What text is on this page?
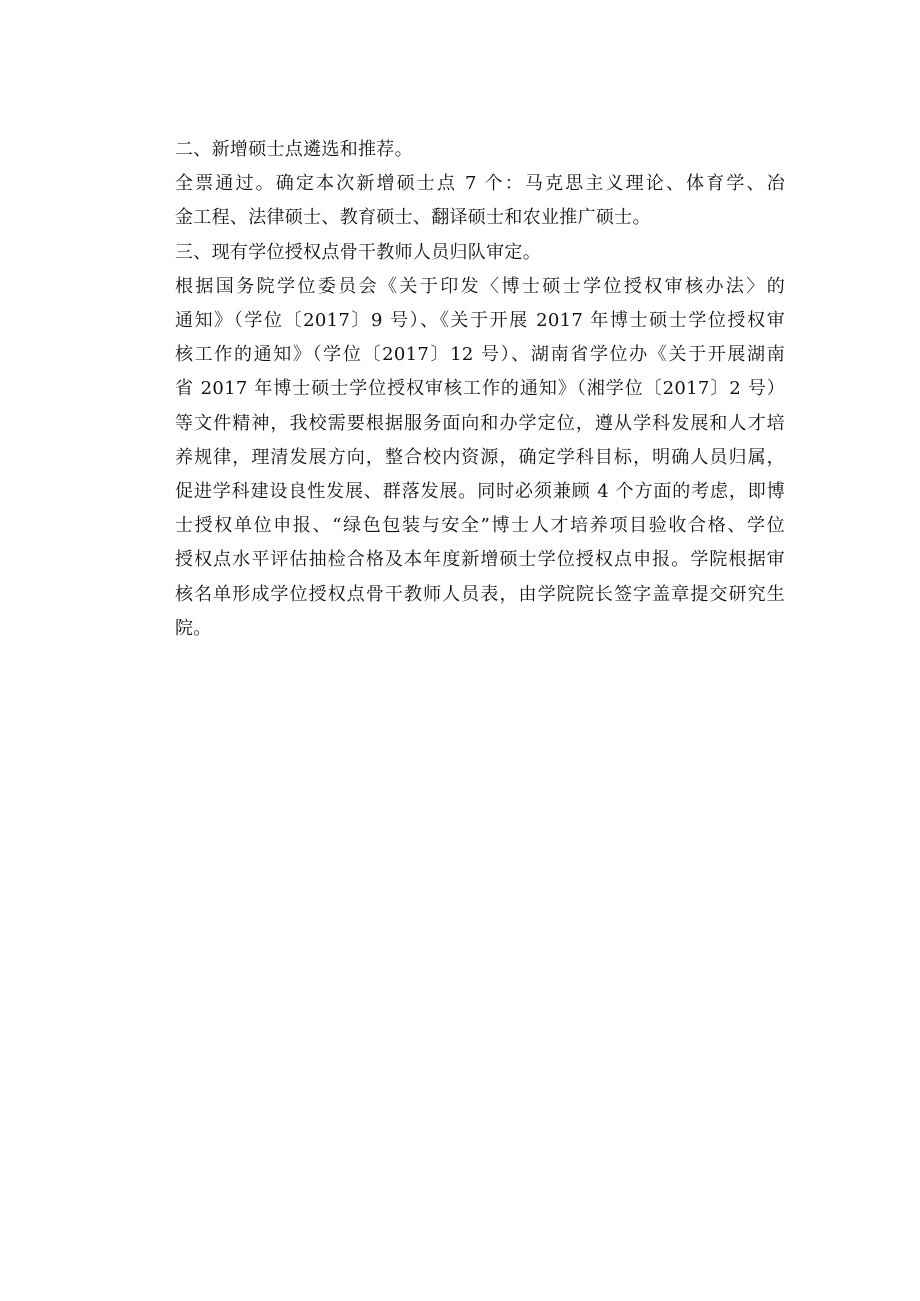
二、新增硕士点遴选和推荐。
全票通过。确定本次新增硕士点 7 个：马克思主义理论、体育学、冶
金工程、法律硕士、教育硕士、翻译硕士和农业推广硕士。
三、现有学位授权点骨干教师人员归队审定。
根据国务院学位委员会《关于印发〈博士硕士学位授权审核办法〉的
通知》（学位〔2017〕9 号）、《关于开展 2017 年博士硕士学位授权审
核工作的通知》（学位〔2017〕12 号）、湖南省学位办《关于开展湖南
省 2017 年博士硕士学位授权审核工作的通知》（湘学位〔2017〕2 号）
等文件精神，我校需要根据服务面向和办学定位，遵从学科发展和人才培
养规律，理清发展方向，整合校内资源，确定学科目标，明确人员归属，
促进学科建设良性发展、群落发展。同时必须兼顾 4 个方面的考虑，即博
士授权单位申报、“绿色包装与安全”博士人才培养项目验收合格、学位
授权点水平评估抽检合格及本年度新增硕士学位授权点申报。学院根据审
核名单形成学位授权点骨干教师人员表，由学院院长签字盖章提交研究生
院。
